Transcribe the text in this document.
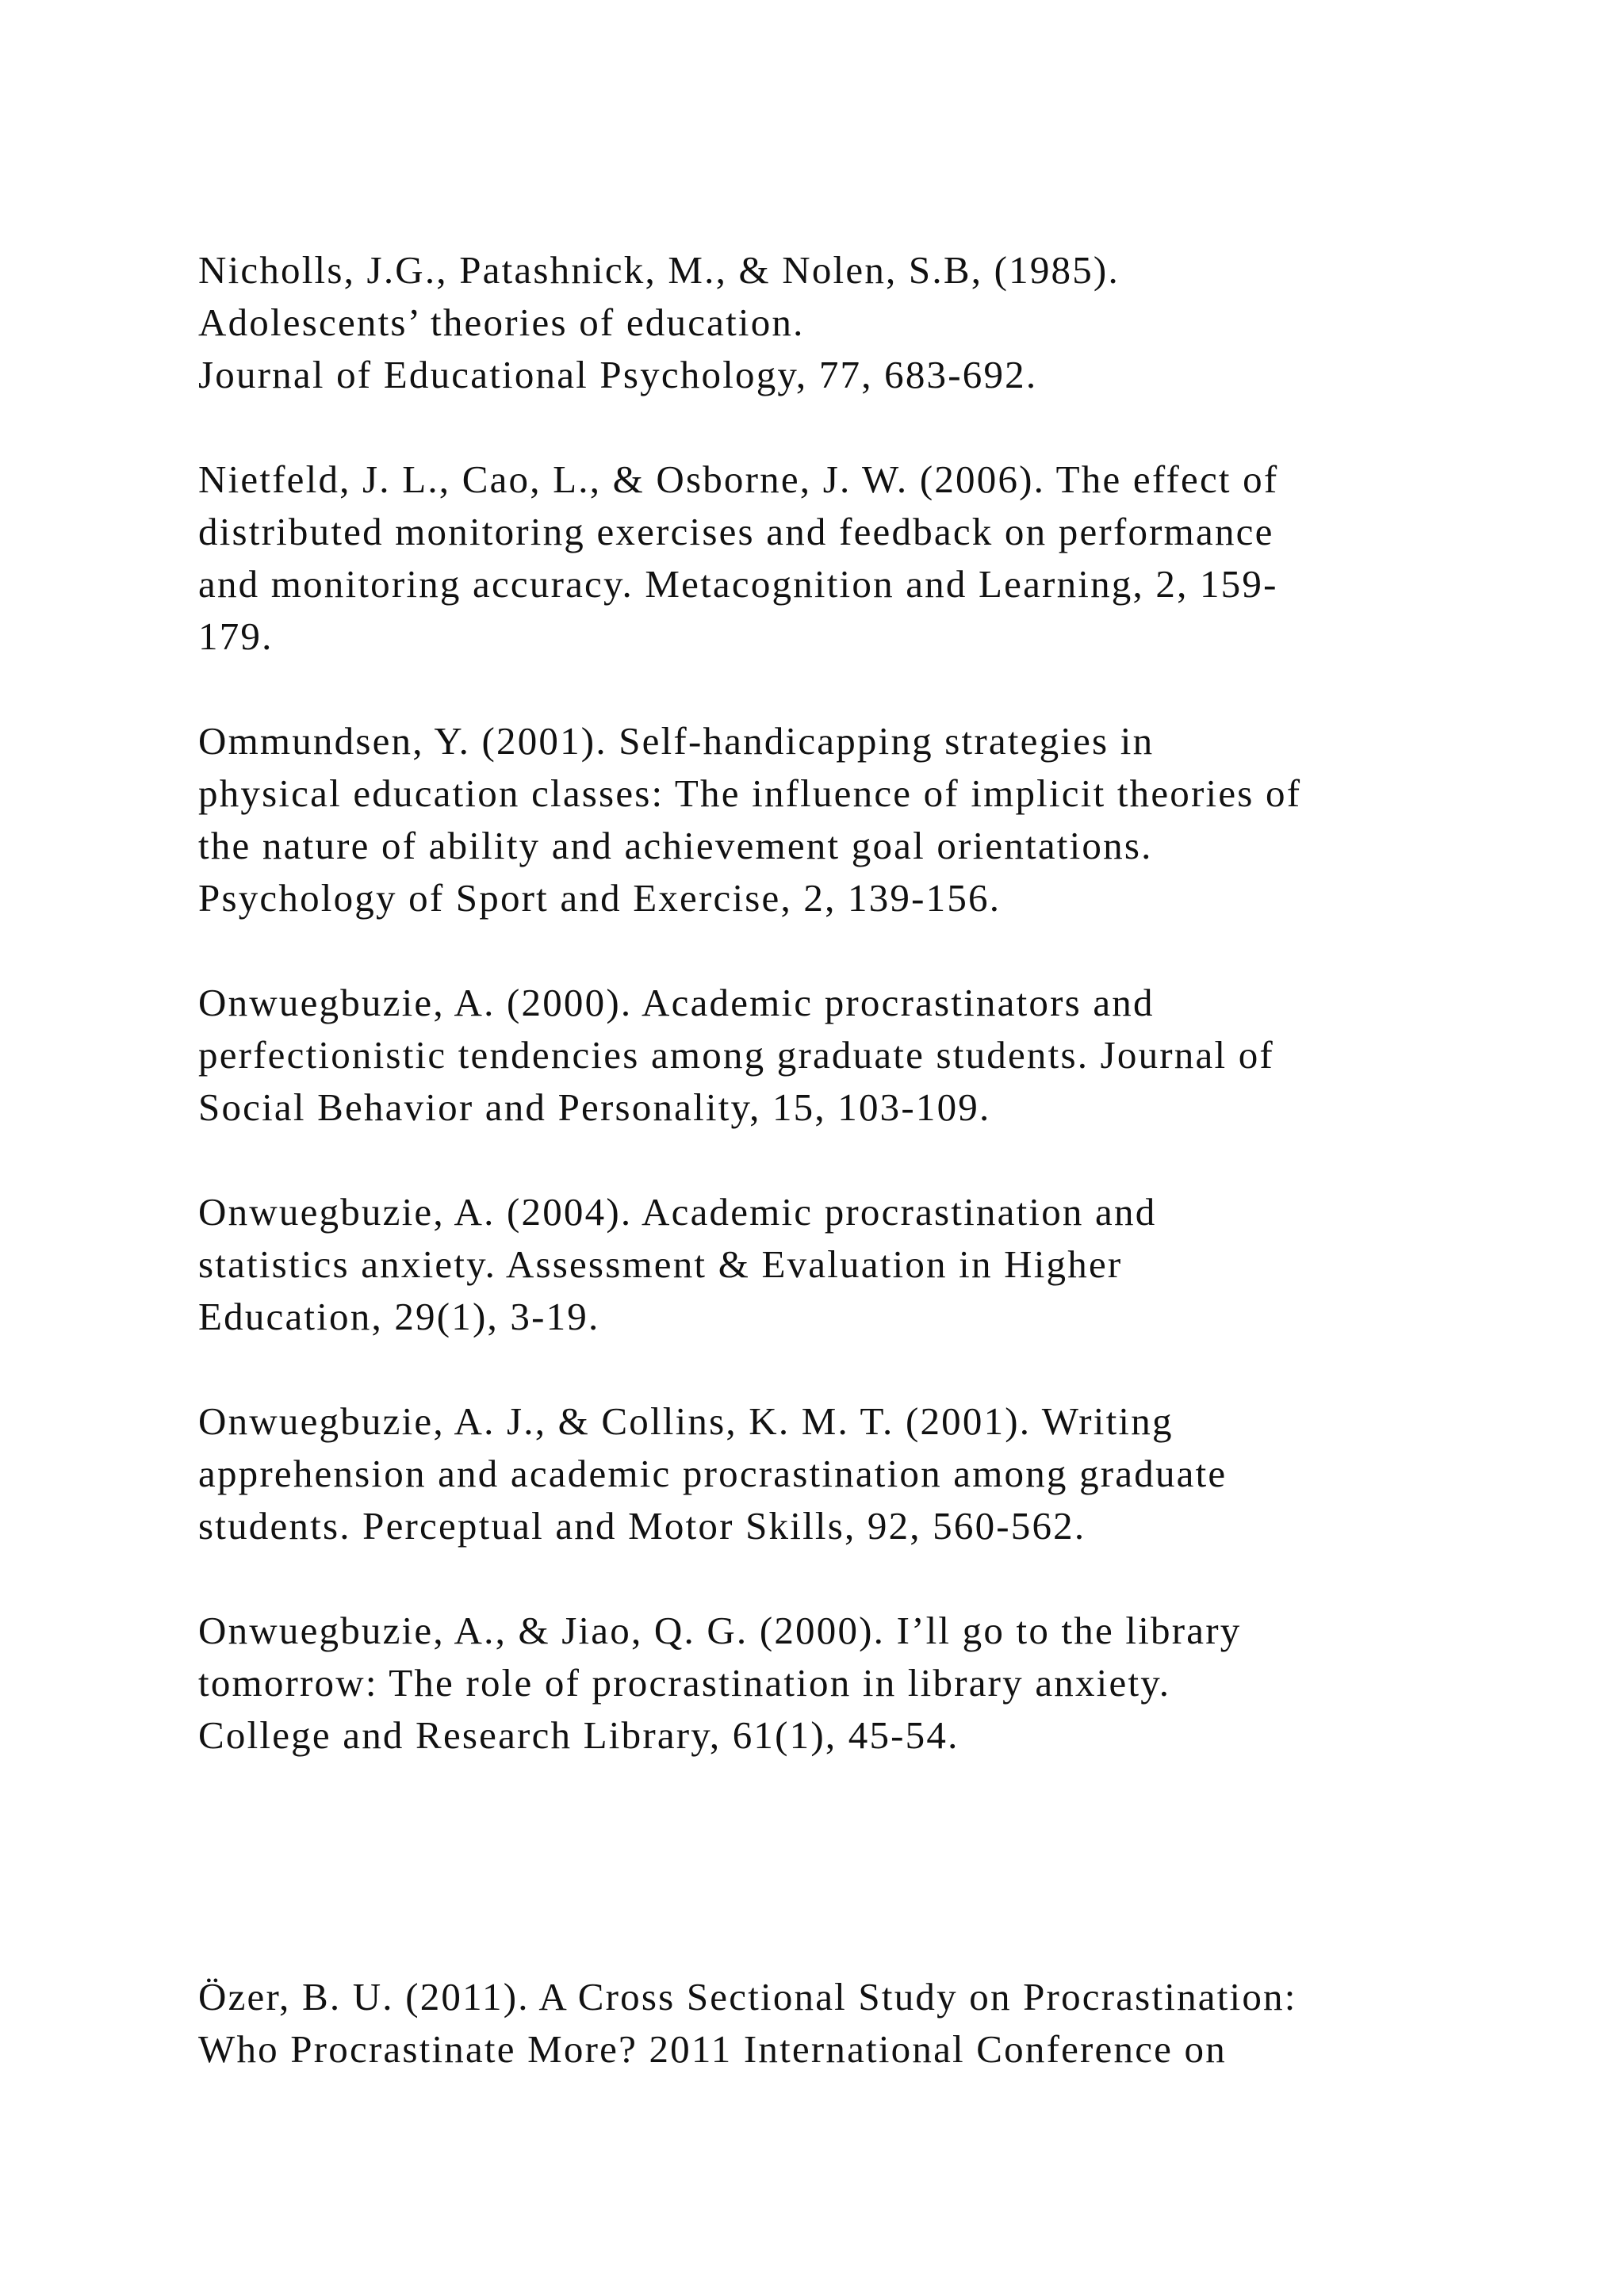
Nicholls, J.G., Patashnick, M., & Nolen, S.B, (1985).
Adolescents’ theories of education.
Journal of Educational Psychology, 77, 683-692.
Nietfeld, J. L., Cao, L., & Osborne, J. W. (2006). The effect of
distributed monitoring exercises and feedback on performance
and monitoring accuracy. Metacognition and Learning, 2, 159-
179.
Ommundsen, Y. (2001). Self-handicapping strategies in
physical education classes: The influence of implicit theories of
the nature of ability and achievement goal orientations.
Psychology of Sport and Exercise, 2, 139-156.
Onwuegbuzie, A. (2000). Academic procrastinators and
perfectionistic tendencies among graduate students. Journal of
Social Behavior and Personality, 15, 103-109.
Onwuegbuzie, A. (2004). Academic procrastination and
statistics anxiety. Assessment & Evaluation in Higher
Education, 29(1), 3-19.
Onwuegbuzie, A. J., & Collins, K. M. T. (2001). Writing
apprehension and academic procrastination among graduate
students. Perceptual and Motor Skills, 92, 560-562.
Onwuegbuzie, A., & Jiao, Q. G. (2000). I’ll go to the library
tomorrow: The role of procrastination in library anxiety.
College and Research Library, 61(1), 45-54.
Özer, B. U. (2011). A Cross Sectional Study on Procrastination:
Who Procrastinate More? 2011 International Conference on
